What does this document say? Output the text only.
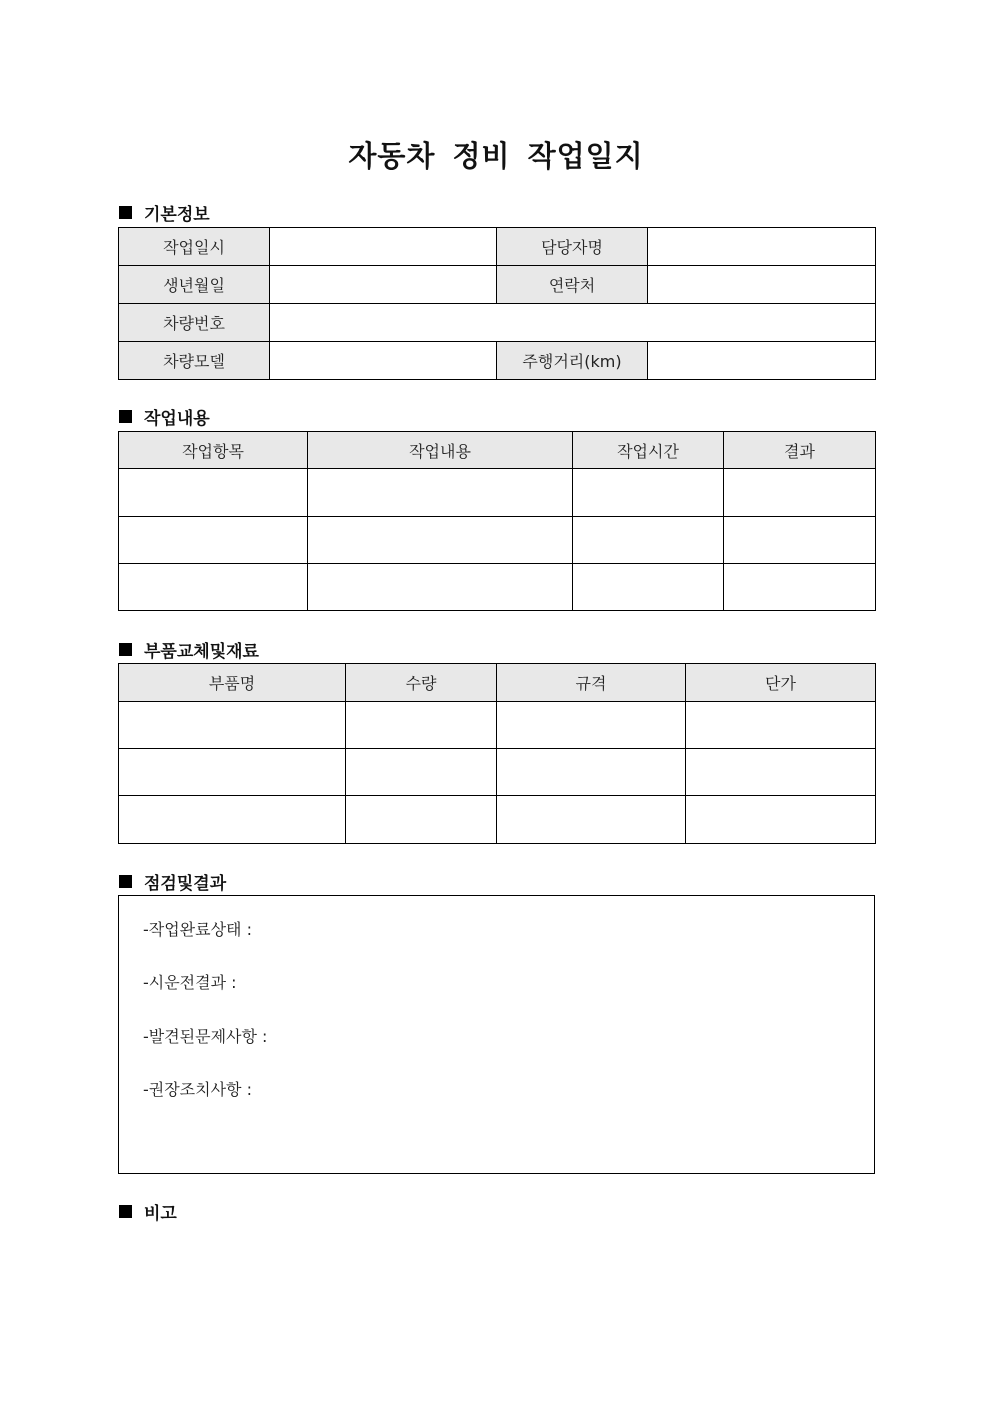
자동차 정비 작업일지
기본정보
작업일시		담당자명	
생년월일		연락처	
차량번호			
차량모델		주행거리(km)	
작업내용
작업항목	작업내용	작업시간	결과

부품교체및재료
부품명	수량	규격	단가

점검및결과
-작업완료상태 :
-시운전결과 :
-발견된문제사항 :
-권장조치사항 :
비고
